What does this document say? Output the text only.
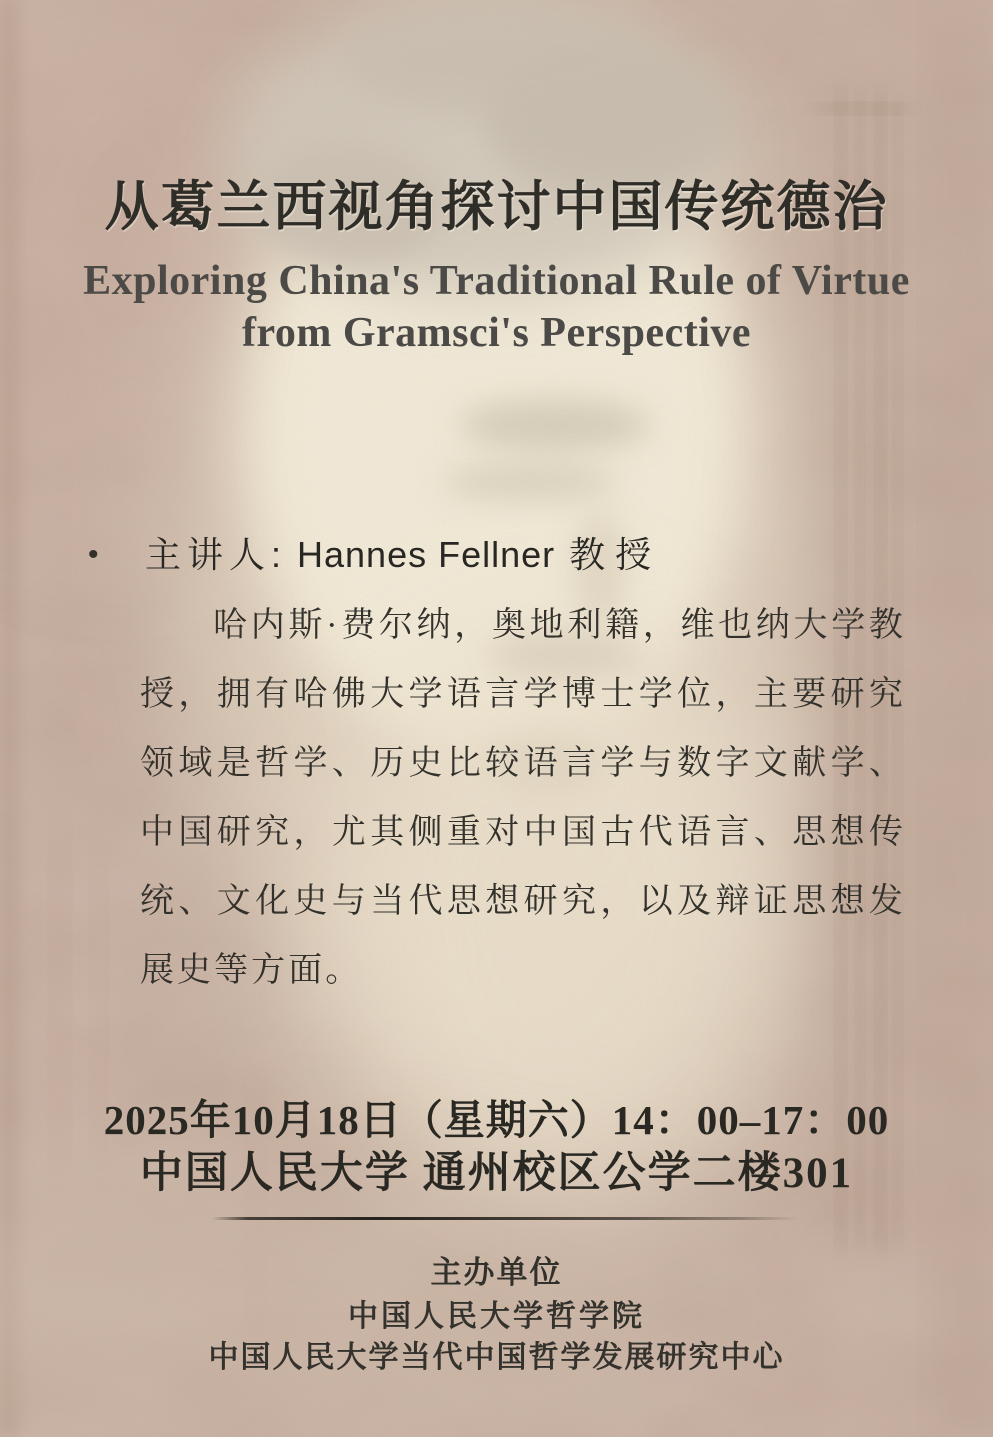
从葛兰西视角探讨中国传统德治
Exploring China's Traditional Rule of Virtue
from Gramsci's Perspective
•	主讲人: Hannes Fellner 教授
哈内斯·费尔纳，奥地利籍，维也纳大学教
授，拥有哈佛大学语言学博士学位，主要研究
领域是哲学、历史比较语言学与数字文献学、
中国研究，尤其侧重对中国古代语言、思想传
统、文化史与当代思想研究，以及辩证思想发
展史等方面。
2025年10月18日（星期六）14：00–17：00
中国人民大学 通州校区公学二楼301
主办单位
中国人民大学哲学院
中国人民大学当代中国哲学发展研究中心
